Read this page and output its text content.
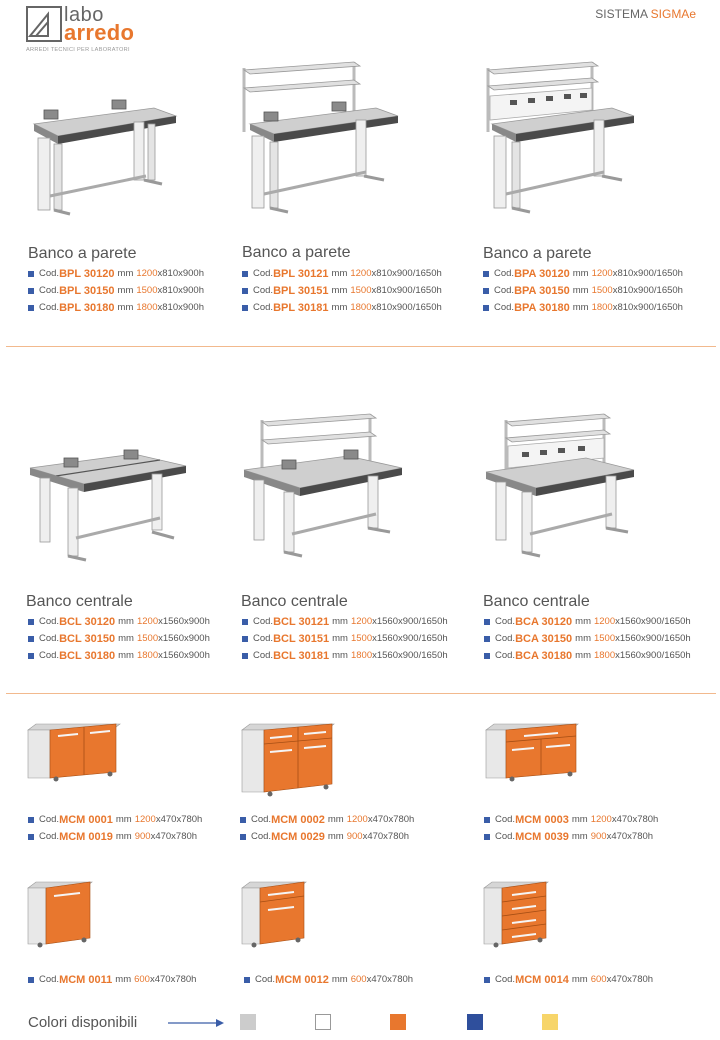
labo
arredo
ARREDI TECNICI PER LABORATORI
SISTEMA SIGMAe
Banco a parete
Cod. BPL 30120 mm 1200 x810x900h
Cod. BPL 30150 mm 1500 x810x900h
Cod. BPL 30180 mm 1800 x810x900h
Banco a parete
Cod. BPL 30121 mm 1200 x810x900/1650h
Cod. BPL 30151 mm 1500 x810x900/1650h
Cod. BPL 30181 mm 1800 x810x900/1650h
Banco a parete
Cod. BPA 30120 mm 1200 x810x900/1650h
Cod. BPA 30150 mm 1500 x810x900/1650h
Cod. BPA 30180 mm 1800 x810x900/1650h
Banco centrale
Cod. BCL 30120 mm 1200 x1560x900h
Cod. BCL 30150 mm 1500 x1560x900h
Cod. BCL 30180 mm 1800 x1560x900h
Banco centrale
Cod. BCL 30121 mm 1200 x1560x900/1650h
Cod. BCL 30151 mm 1500 x1560x900/1650h
Cod. BCL 30181 mm 1800 x1560x900/1650h
Banco centrale
Cod. BCA 30120 mm 1200 x1560x900/1650h
Cod. BCA 30150 mm 1500 x1560x900/1650h
Cod. BCA 30180 mm 1800 x1560x900/1650h
Cod. MCM 0001 mm 1200 x470x780h
Cod. MCM 0019 mm 900 x470x780h
Cod. MCM 0002 mm 1200 x470x780h
Cod. MCM 0029 mm 900 x470x780h
Cod. MCM 0003 mm 1200 x470x780h
Cod. MCM 0039 mm 900 x470x780h
Cod. MCM 0011 mm 600 x470x780h	Cod. MCM 0012 mm 600 x470x780h	Cod. MCM 0014 mm 600 x470x780h
Colori disponibili
